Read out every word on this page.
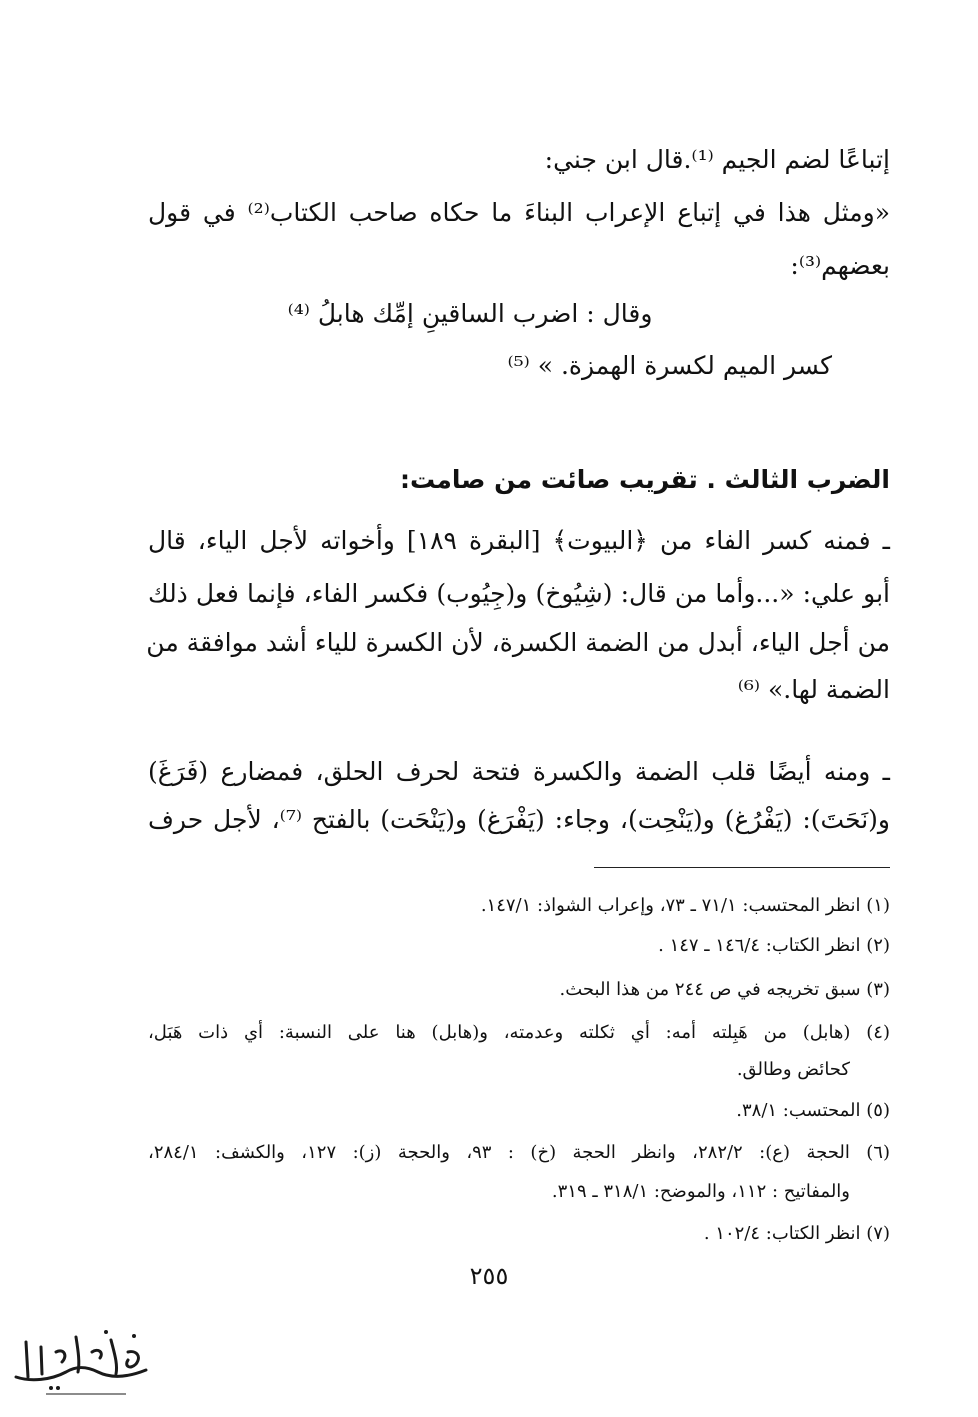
إتباعًا لضم الجيم ⁽¹⁾.قال ابن جني:
«ومثل هذا في إتباع الإعراب البناءَ ما حكاه صاحب الكتاب⁽²⁾ في قول
بعضهم⁽³⁾:
وقال : اضرب الساقينِ إمِّك هابلُ ⁽⁴⁾
كسر الميم لكسرة الهمزة. » ⁽⁵⁾
الضرب الثالث . تقريب صائت من صامت:
ـ فمنه كسر الفاء من ﴿البيوت﴾ [البقرة ١٨٩] وأخواته لأجل الياء، قال
أبو علي: «...وأما من قال: (شِيُوخ) و(جِيُوب) فكسر الفاء، فإنما فعل ذلك
من أجل الياء، أبدل من الضمة الكسرة، لأن الكسرة للياء أشد موافقة من
الضمة لها.» ⁽⁶⁾
ـ ومنه أيضًا قلب الضمة والكسرة فتحة لحرف الحلق، فمضارع (فَرَغَ)
و(نَحَتَ): (يَفْرُغ) و(يَنْحِت)، وجاء: (يَفْرَغ) و(يَنْحَت) بالفتح ⁽⁷⁾، لأجل حرف
(١) انظر المحتسب: ٧١/١ ـ ٧٣، وإعراب الشواذ: ١٤٧/١.
(٢) انظر الكتاب: ١٤٦/٤ ـ ١٤٧ .
(٣) سبق تخريجه في ص ٢٤٤ من هذا البحث.
(٤) (هابل) من هَبِلته أمه: أي ثكلته وعدمته، و(هابل) هنا على النسبة: أي ذات هَبَل،
كحائض وطالق.
(٥) المحتسب: ٣٨/١.
(٦) الحجة (ع): ٢٨٢/٢، وانظر الحجة (خ) : ٩٣، والحجة (ز): ١٢٧، والكشف: ٢٨٤/١،
والمفاتيح : ١١٢، والموضح: ٣١٨/١ ـ ٣١٩.
(٧) انظر الكتاب: ١٠٢/٤ .
٢٥٥
